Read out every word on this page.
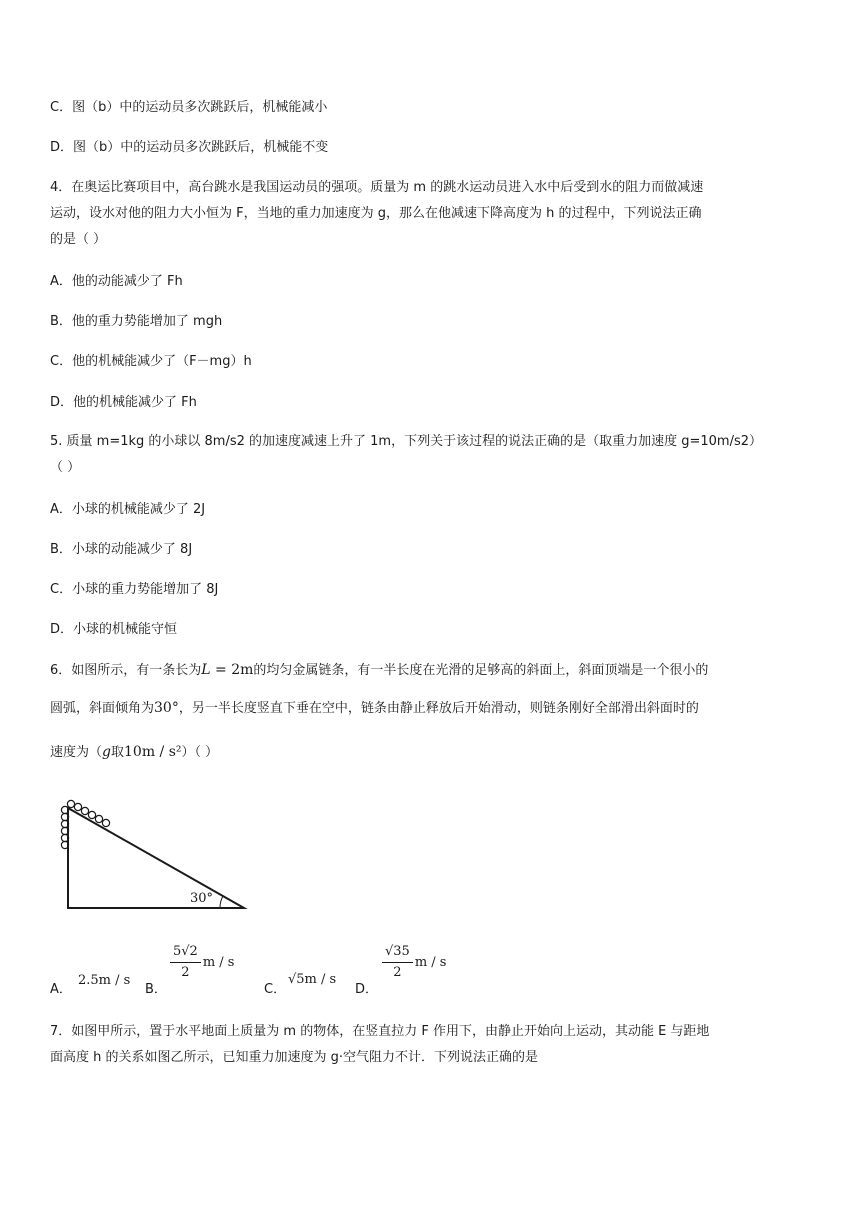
C．图（b）中的运动员多次跳跃后，机械能减小
D．图（b）中的运动员多次跳跃后，机械能不变
4．在奥运比赛项目中，高台跳水是我国运动员的强项。质量为 m 的跳水运动员进入水中后受到水的阻力而做减速
运动，设水对他的阻力大小恒为 F，当地的重力加速度为 g，那么在他减速下降高度为 h 的过程中，下列说法正确
的是（ ）
A．他的动能减少了 Fh
B．他的重力势能增加了 mgh
C．他的机械能减少了（F－mg）h
D．他的机械能减少了 Fh
5. 质量 m=1kg 的小球以 8m/s2 的加速度减速上升了 1m，下列关于该过程的说法正确的是（取重力加速度 g=10m/s2）
（ ）
A．小球的机械能减少了 2J
B．小球的动能减少了 8J
C．小球的重力势能增加了 8J
D．小球的机械能守恒
6．如图所示，有一条长为L = 2m的均匀金属链条，有一半长度在光滑的足够高的斜面上，斜面顶端是一个很小的
圆弧，斜面倾角为30°，另一半长度竖直下垂在空中，链条由静止释放后开始滑动，则链条刚好全部滑出斜面时的
速度为（g取10m / s²）（ ）
30°
A．
2.5m / s
B．
$\frac{5√2}{2}$ m / s
C．
√5m / s
D．
$\frac{√35}{2}$ m / s
7．如图甲所示，置于水平地面上质量为 m 的物体，在竖直拉力 F 作用下，由静止开始向上运动，其动能 E 与距地
面高度 h 的关系如图乙所示，已知重力加速度为 g·空气阻力不计．下列说法正确的是
